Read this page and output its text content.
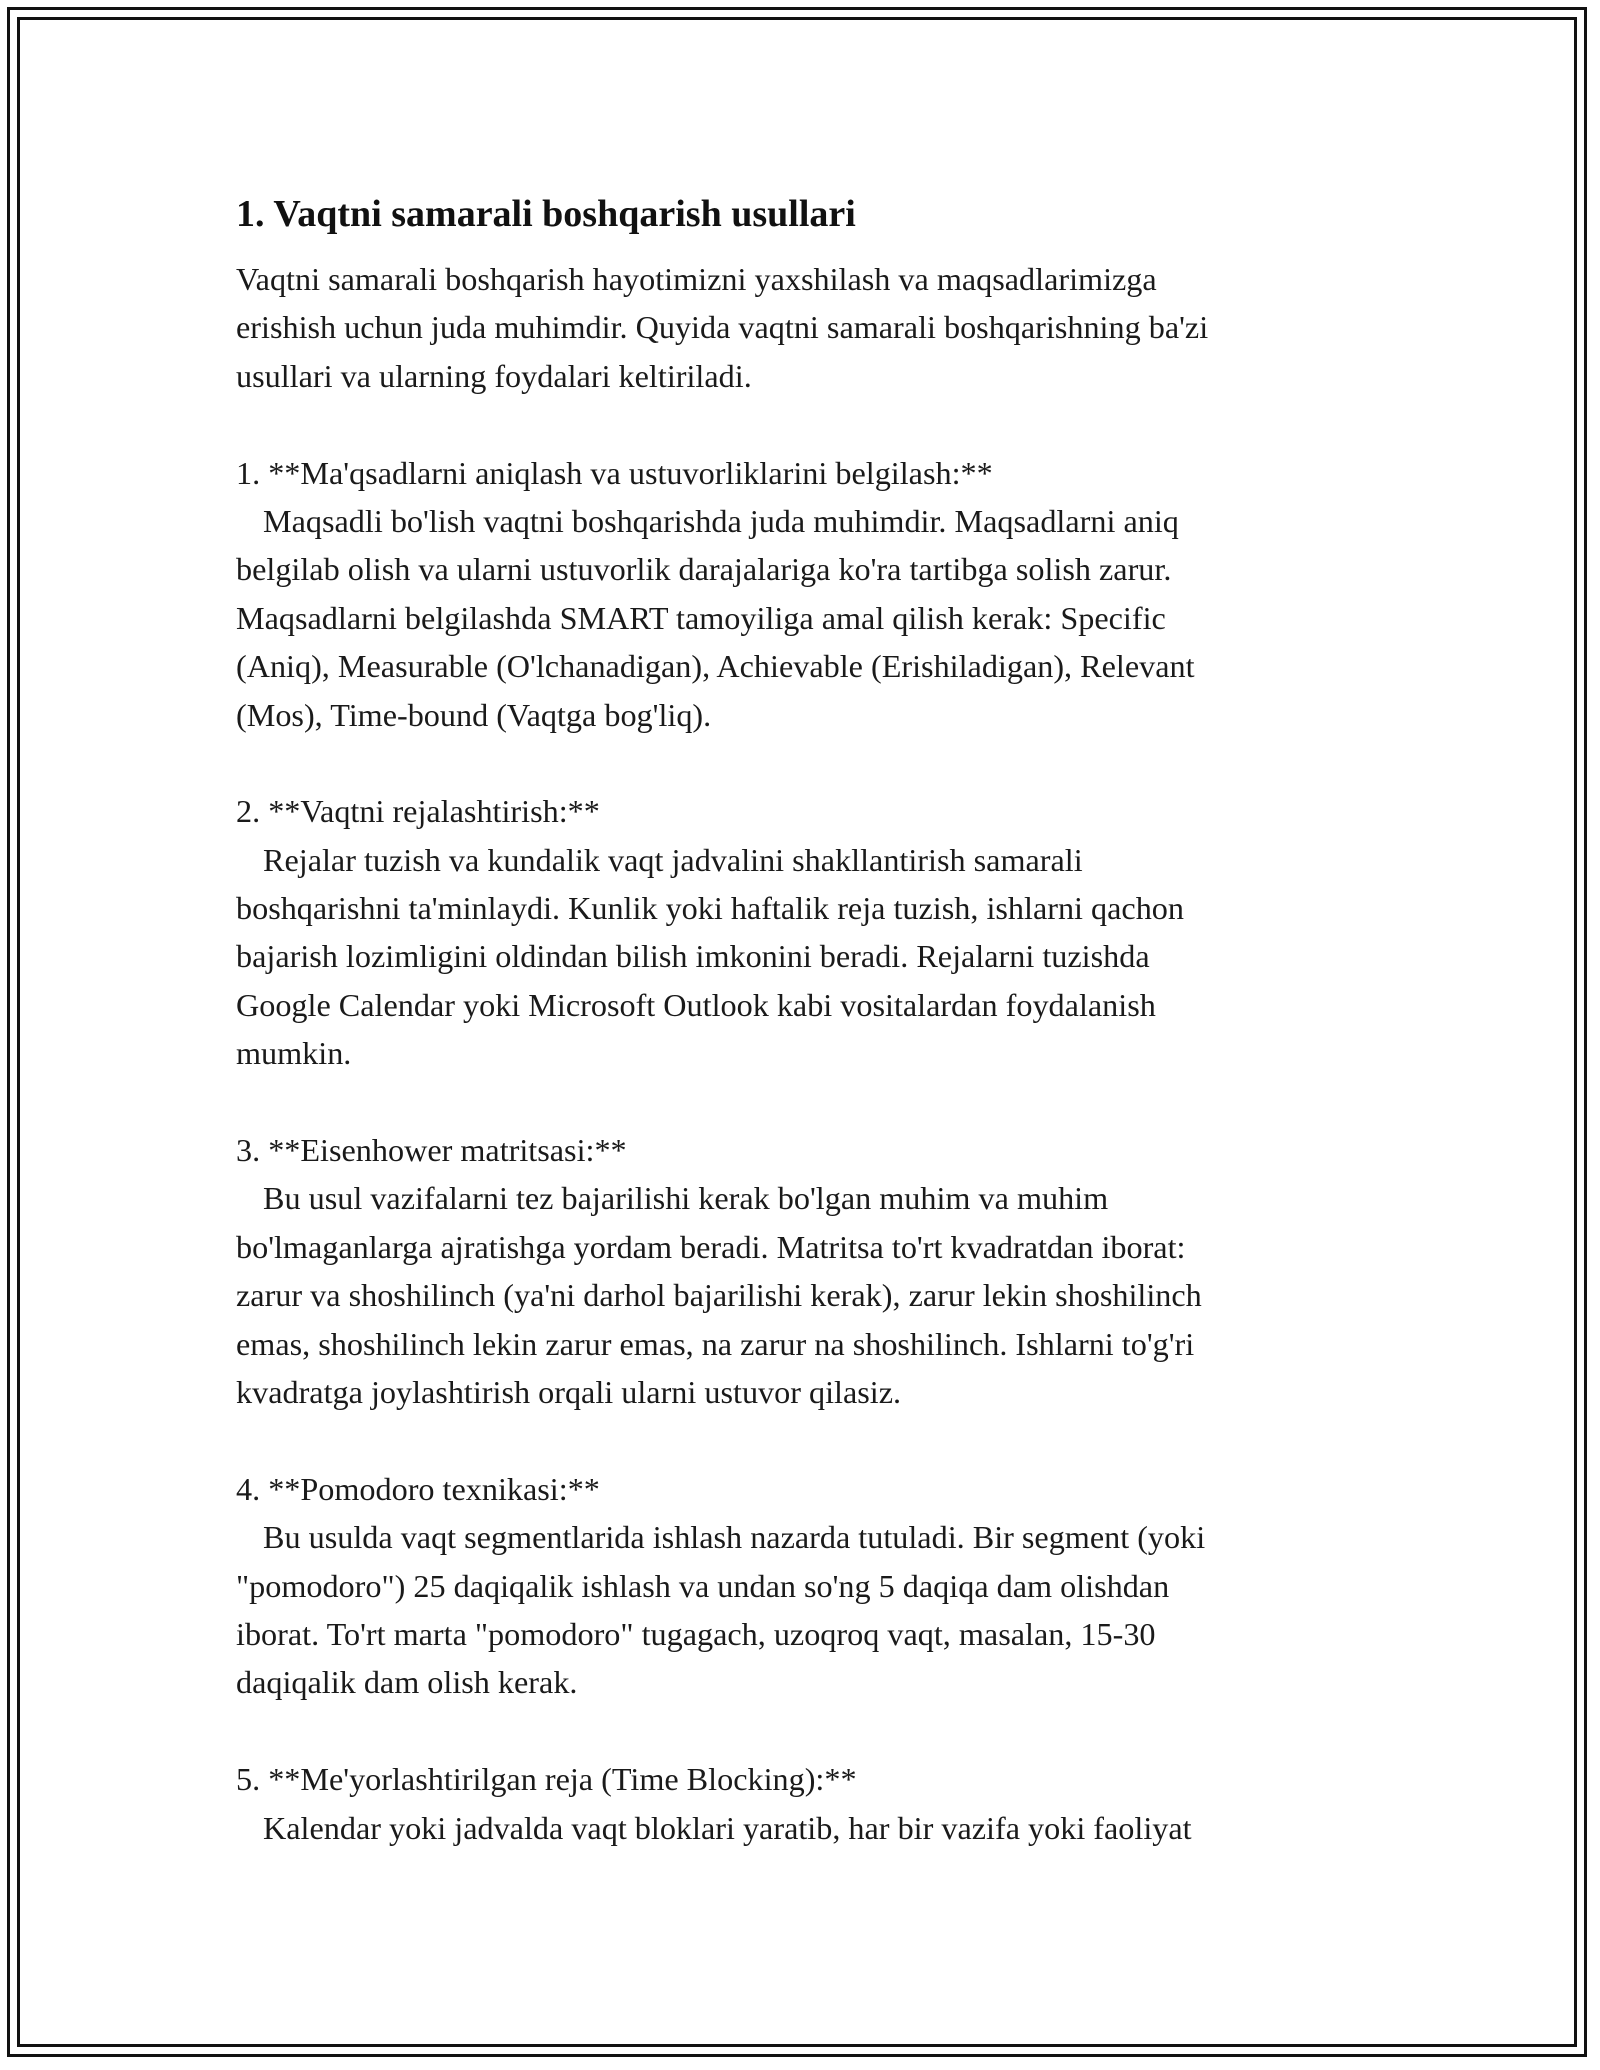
1. Vaqtni samarali boshqarish usullari
Vaqtni samarali boshqarish hayotimizni yaxshilash va maqsadlarimizga
erishish uchun juda muhimdir. Quyida vaqtni samarali boshqarishning ba'zi
usullari va ularning foydalari keltiriladi.
1. **Ma'qsadlarni aniqlash va ustuvorliklarini belgilash:**
Maqsadli bo'lish vaqtni boshqarishda juda muhimdir. Maqsadlarni aniq
belgilab olish va ularni ustuvorlik darajalariga ko'ra tartibga solish zarur.
Maqsadlarni belgilashda SMART tamoyiliga amal qilish kerak: Specific
(Aniq), Measurable (O'lchanadigan), Achievable (Erishiladigan), Relevant
(Mos), Time-bound (Vaqtga bog'liq).
2. **Vaqtni rejalashtirish:**
Rejalar tuzish va kundalik vaqt jadvalini shakllantirish samarali
boshqarishni ta'minlaydi. Kunlik yoki haftalik reja tuzish, ishlarni qachon
bajarish lozimligini oldindan bilish imkonini beradi. Rejalarni tuzishda
Google Calendar yoki Microsoft Outlook kabi vositalardan foydalanish
mumkin.
3. **Eisenhower matritsasi:**
Bu usul vazifalarni tez bajarilishi kerak bo'lgan muhim va muhim
bo'lmaganlarga ajratishga yordam beradi. Matritsa to'rt kvadratdan iborat:
zarur va shoshilinch (ya'ni darhol bajarilishi kerak), zarur lekin shoshilinch
emas, shoshilinch lekin zarur emas, na zarur na shoshilinch. Ishlarni to'g'ri
kvadratga joylashtirish orqali ularni ustuvor qilasiz.
4. **Pomodoro texnikasi:**
Bu usulda vaqt segmentlarida ishlash nazarda tutuladi. Bir segment (yoki
"pomodoro") 25 daqiqalik ishlash va undan so'ng 5 daqiqa dam olishdan
iborat. To'rt marta "pomodoro" tugagach, uzoqroq vaqt, masalan, 15-30
daqiqalik dam olish kerak.
5. **Me'yorlashtirilgan reja (Time Blocking):**
Kalendar yoki jadvalda vaqt bloklari yaratib, har bir vazifa yoki faoliyat
